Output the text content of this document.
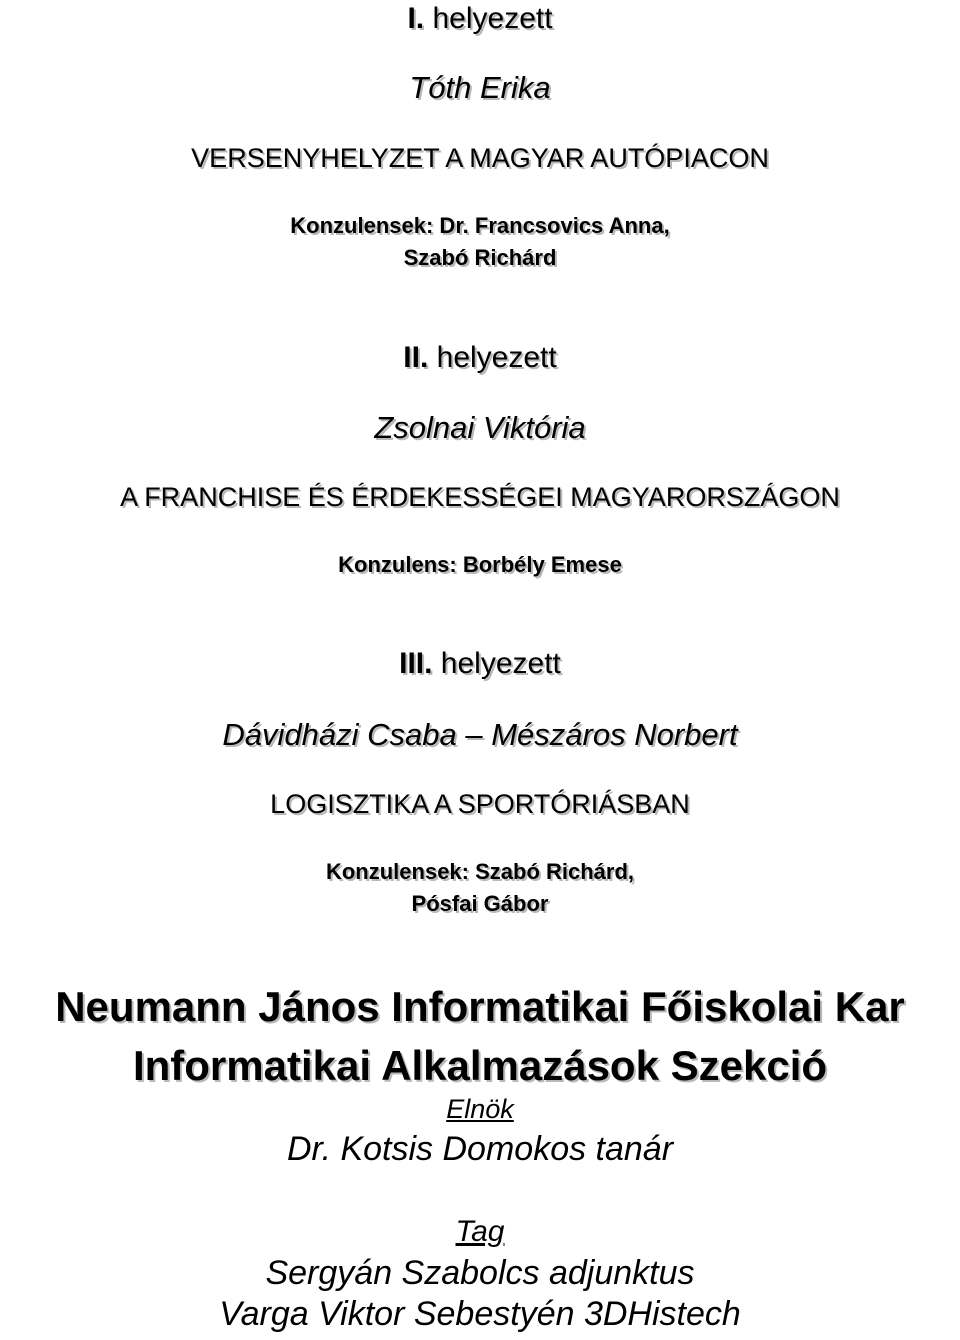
I. helyezett
Tóth Erika
VERSENYHELYZET A MAGYAR AUTÓPIACON
Konzulensek: Dr. Francsovics Anna,
Szabó Richárd
II. helyezett
Zsolnai Viktória
A FRANCHISE ÉS ÉRDEKESSÉGEI MAGYARORSZÁGON
Konzulens: Borbély Emese
III. helyezett
Dávidházi Csaba – Mészáros Norbert
LOGISZTIKA A SPORTÓRIÁSBAN
Konzulensek: Szabó Richárd,
Pósfai Gábor
Neumann János Informatikai Főiskolai Kar
Informatikai Alkalmazások Szekció
Elnök
Dr. Kotsis Domokos tanár
Tag
Sergyán Szabolcs adjunktus
Varga Viktor Sebestyén 3DHistech
